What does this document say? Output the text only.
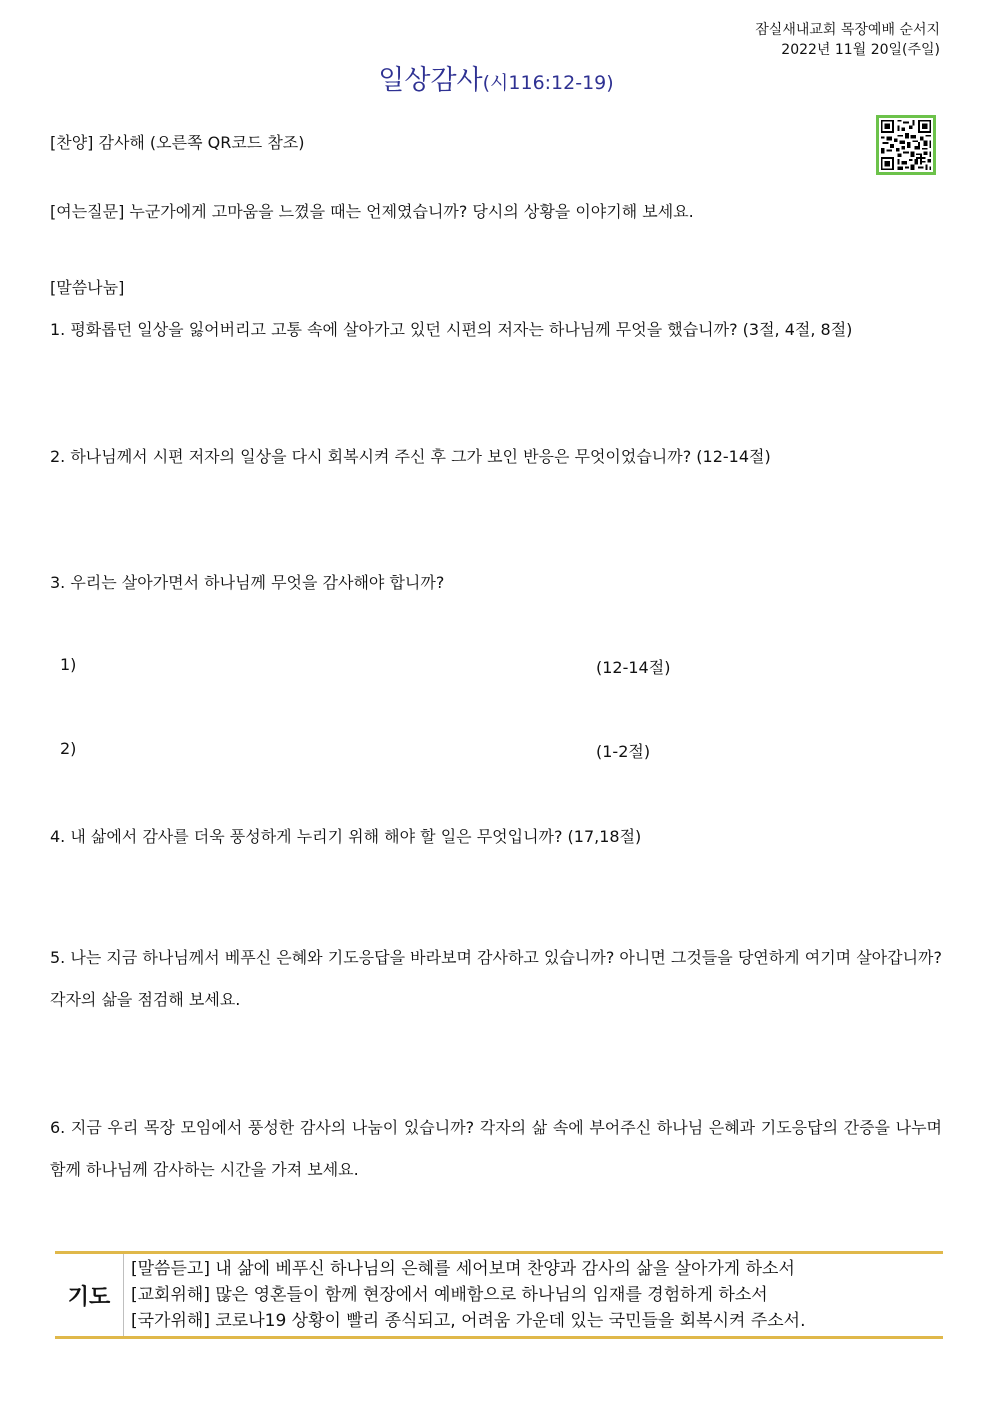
잠실새내교회 목장예배 순서지
2022년 11월 20일(주일)
일상감사(시116:12-19)
[찬양] 감사해 (오른쪽 QR코드 참조)
[여는질문] 누군가에게 고마움을 느꼈을 때는 언제였습니까? 당시의 상황을 이야기해 보세요.
[말씀나눔]
1. 평화롭던 일상을 잃어버리고 고통 속에 살아가고 있던 시편의 저자는 하나님께 무엇을 했습니까? (3절, 4절, 8절)
2. 하나님께서 시편 저자의 일상을 다시 회복시켜 주신 후 그가 보인 반응은 무엇이었습니까? (12-14절)
3. 우리는 살아가면서 하나님께 무엇을 감사해야 합니까?
1)	(12-14절)
2)	(1-2절)
4. 내 삶에서 감사를 더욱 풍성하게 누리기 위해 해야 할 일은 무엇입니까? (17,18절)
5. 나는 지금 하나님께서 베푸신 은혜와 기도응답을 바라보며 감사하고 있습니까? 아니면 그것들을 당연하게 여기며 살아갑니까? 각자의 삶을 점검해 보세요.
6. 지금 우리 목장 모임에서 풍성한 감사의 나눔이 있습니까? 각자의 삶 속에 부어주신 하나님 은혜과 기도응답의 간증을 나누며 함께 하나님께 감사하는 시간을 가져 보세요.
기도
[말씀듣고] 내 삶에 베푸신 하나님의 은혜를 세어보며 찬양과 감사의 삶을 살아가게 하소서
[교회위해] 많은 영혼들이 함께 현장에서 예배함으로 하나님의 임재를 경험하게 하소서
[국가위해] 코로나19 상황이 빨리 종식되고, 어려움 가운데 있는 국민들을 회복시켜 주소서.
